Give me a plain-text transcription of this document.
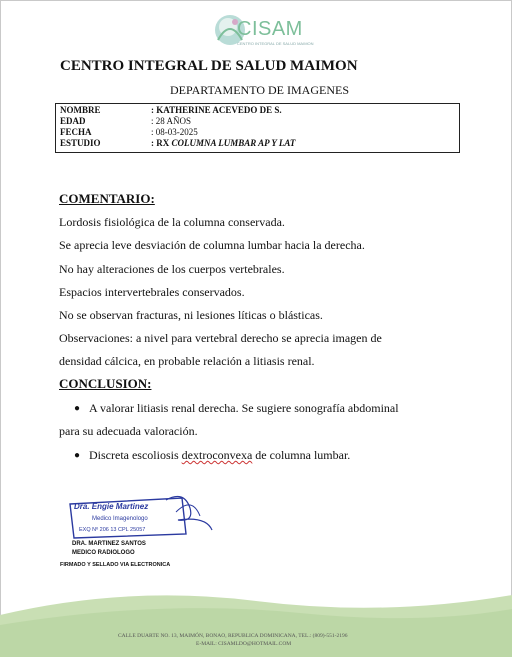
CISAM
CENTRO INTEGRAL DE SALUD MAIMON
CENTRO INTEGRAL DE SALUD MAIMON
DEPARTAMENTO DE IMAGENES
NOMBRE	: KATHERINE ACEVEDO DE S.
EDAD	: 28 AÑOS
FECHA	: 08-03-2025
ESTUDIO	: RX COLUMNA LUMBAR AP Y LAT
COMENTARIO:
Lordosis fisiológica de la columna conservada.
Se aprecia leve desviación de columna lumbar hacia la derecha.
No hay alteraciones de los cuerpos vertebrales.
Espacios intervertebrales conservados.
No se observan fracturas, ni lesiones líticas o blásticas.
Observaciones: a nivel para vertebral derecho se aprecia imagen de
densidad cálcica, en probable relación a litiasis renal.
CONCLUSION:
● A valorar litiasis renal derecha. Se sugiere sonografía abdominal
para su adecuada valoración.
● Discreta escoliosis dextroconvexa de columna lumbar.
Dra. Engie Martinez
Medico Imagenologo
EXQ Nº 206 13 CPL 25057
DRA. MARTINEZ SANTOS
MEDICO RADIOLOGO
FIRMADO Y SELLADO VIA ELECTRONICA
CALLE DUARTE NO. 13, MAIMÓN, BONAO, REPUBLICA DOMINICANA, TEL.: (809)-551-2196
E-MAIL: CISAMLDO@HOTMAIL.COM
